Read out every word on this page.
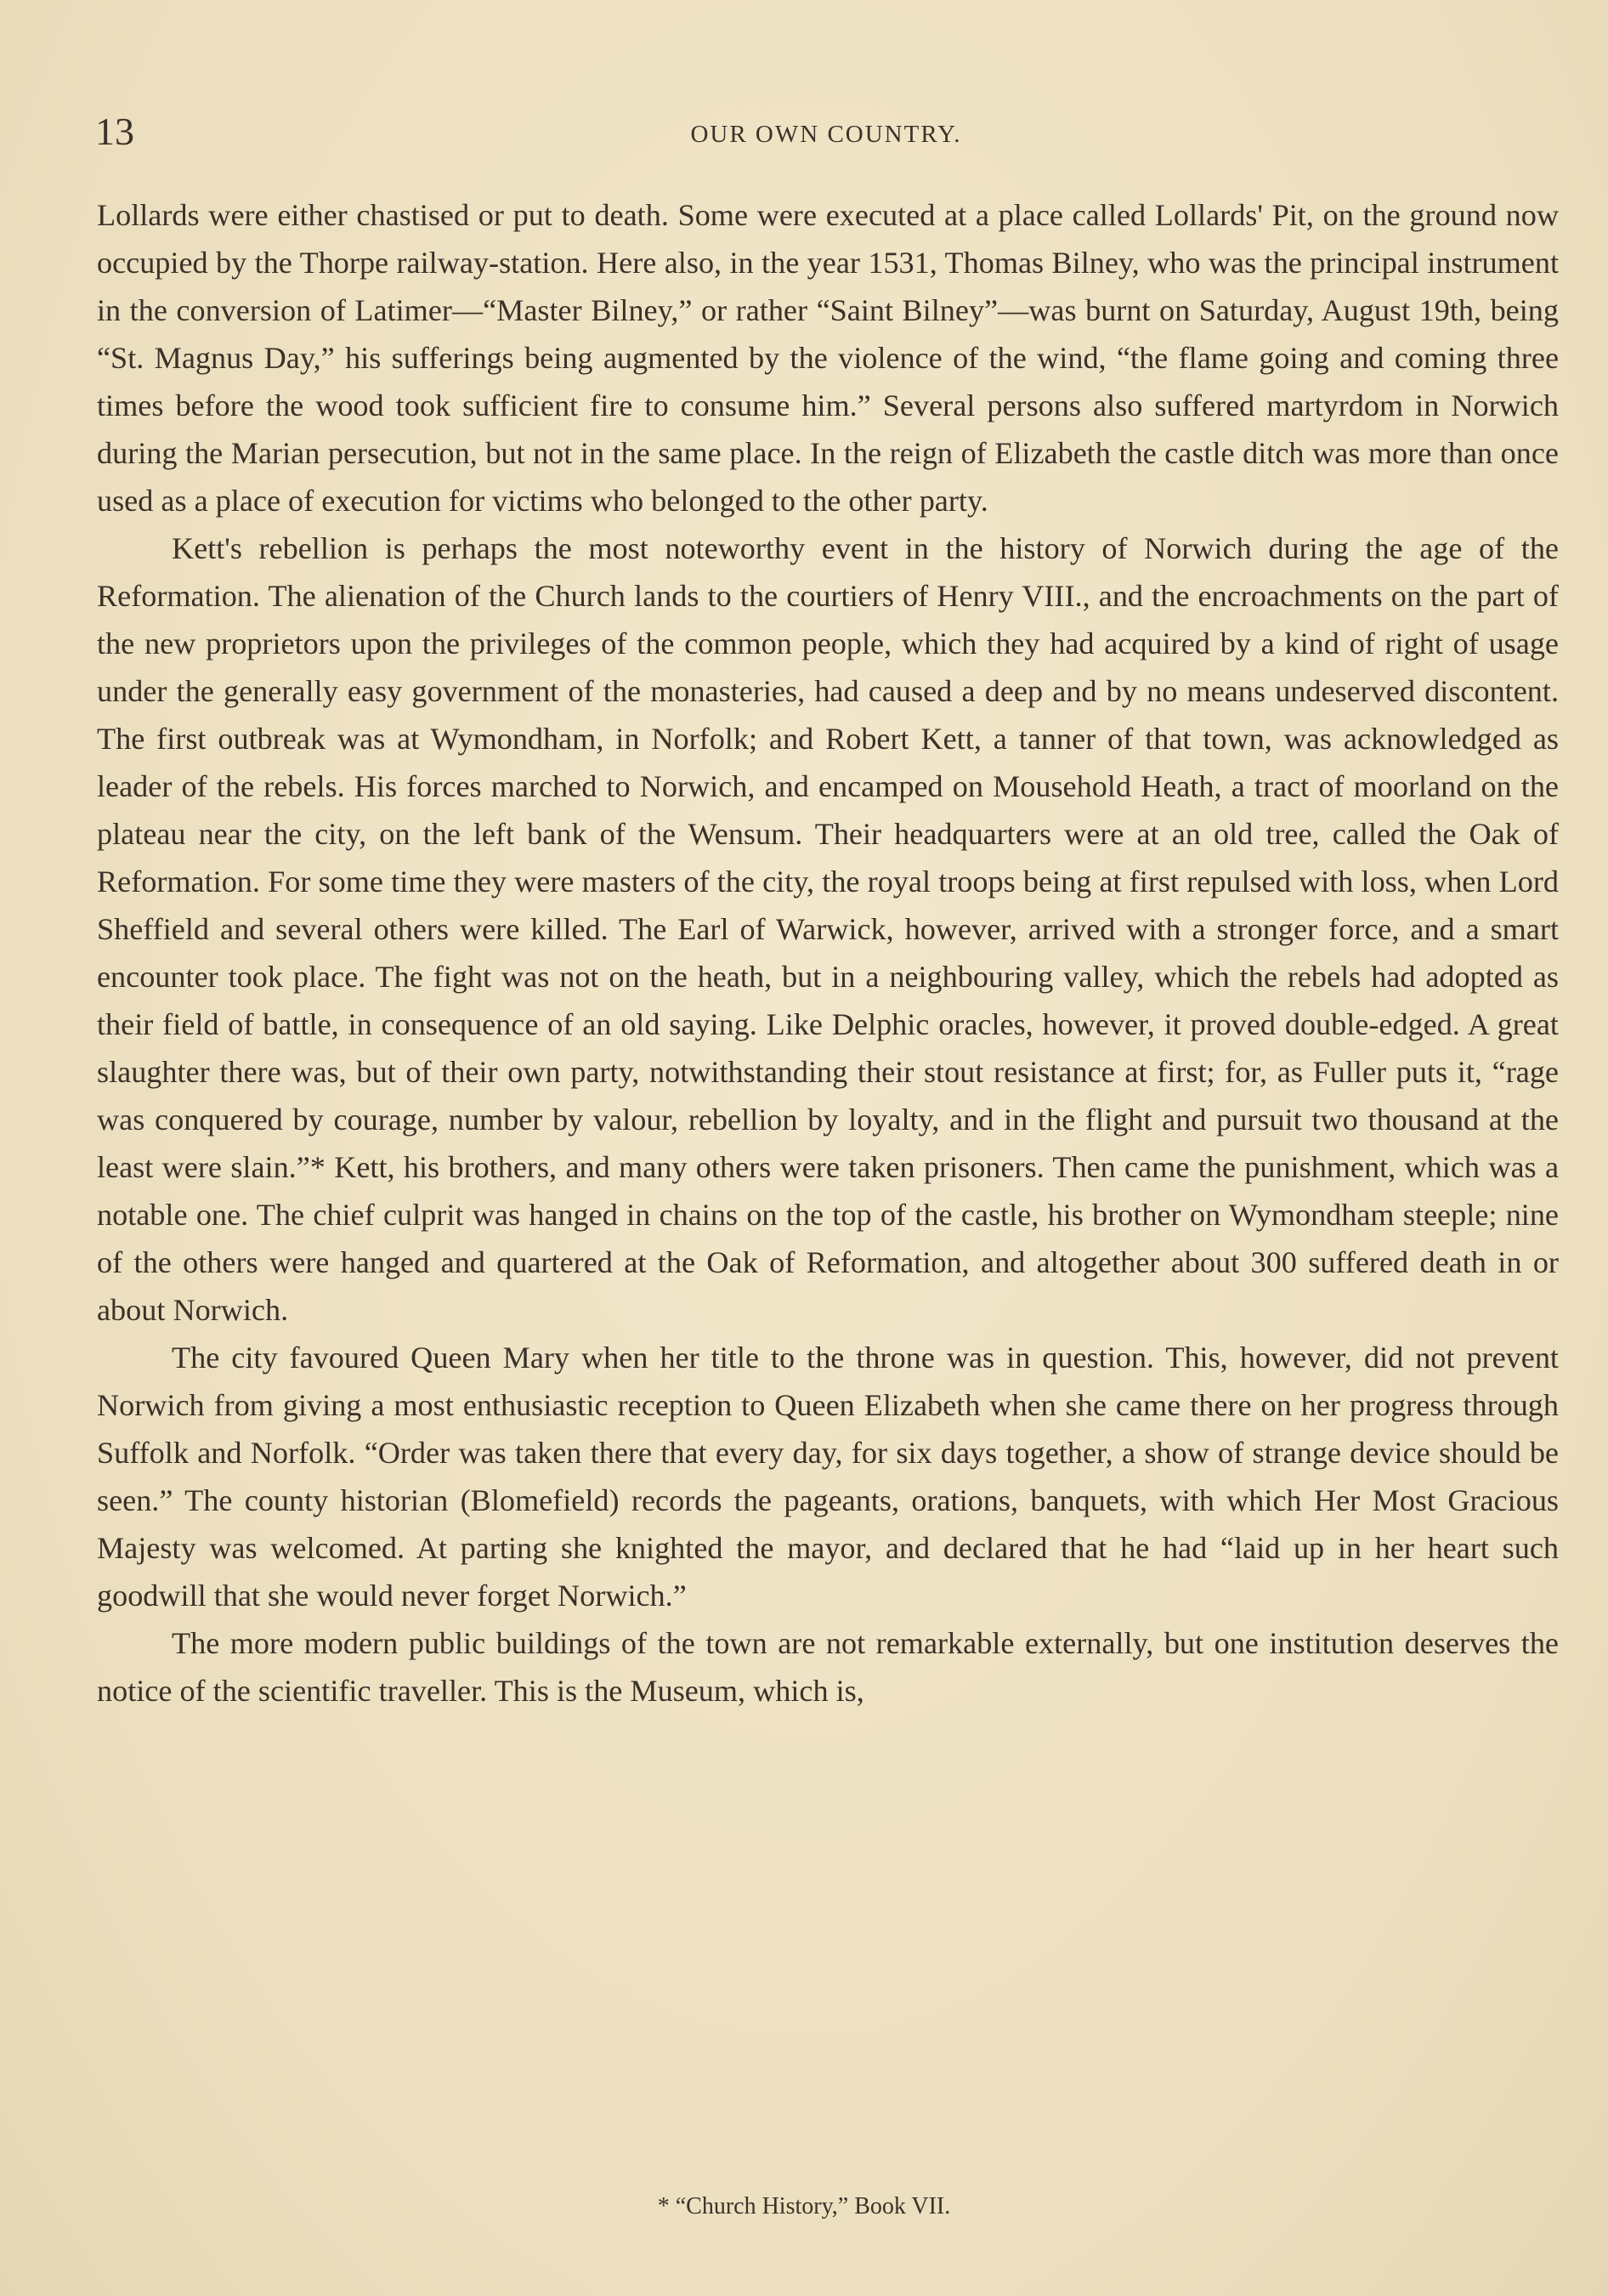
13	OUR OWN COUNTRY.

Lollards were either chastised or put to death. Some were executed at a place called Lollards' Pit, on the ground now occupied by the Thorpe railway-station. Here also, in the year 1531, Thomas Bilney, who was the principal instrument in the conversion of Latimer—“Master Bilney,” or rather “Saint Bilney”—was burnt on Saturday, August 19th, being “St. Magnus Day,” his sufferings being augmented by the violence of the wind, “the flame going and coming three times before the wood took sufficient fire to consume him.” Several persons also suffered martyrdom in Norwich during the Marian persecution, but not in the same place. In the reign of Elizabeth the castle ditch was more than once used as a place of execution for victims who belonged to the other party.

Kett's rebellion is perhaps the most noteworthy event in the history of Norwich during the age of the Reformation. The alienation of the Church lands to the courtiers of Henry VIII., and the encroachments on the part of the new proprietors upon the privileges of the common people, which they had acquired by a kind of right of usage under the generally easy government of the monasteries, had caused a deep and by no means undeserved discontent. The first outbreak was at Wymondham, in Norfolk; and Robert Kett, a tanner of that town, was acknowledged as leader of the rebels. His forces marched to Norwich, and encamped on Mousehold Heath, a tract of moorland on the plateau near the city, on the left bank of the Wensum. Their headquarters were at an old tree, called the Oak of Reformation. For some time they were masters of the city, the royal troops being at first repulsed with loss, when Lord Sheffield and several others were killed. The Earl of Warwick, however, arrived with a stronger force, and a smart encounter took place. The fight was not on the heath, but in a neighbouring valley, which the rebels had adopted as their field of battle, in consequence of an old saying. Like Delphic oracles, however, it proved double-edged. A great slaughter there was, but of their own party, notwithstanding their stout resistance at first; for, as Fuller puts it, “rage was conquered by courage, number by valour, rebellion by loyalty, and in the flight and pursuit two thousand at the least were slain.”* Kett, his brothers, and many others were taken prisoners. Then came the punishment, which was a notable one. The chief culprit was hanged in chains on the top of the castle, his brother on Wymondham steeple; nine of the others were hanged and quartered at the Oak of Reformation, and altogether about 300 suffered death in or about Norwich.

The city favoured Queen Mary when her title to the throne was in question. This, however, did not prevent Norwich from giving a most enthusiastic reception to Queen Elizabeth when she came there on her progress through Suffolk and Norfolk. “Order was taken there that every day, for six days together, a show of strange device should be seen.” The county historian (Blomefield) records the pageants, orations, banquets, with which Her Most Gracious Majesty was welcomed. At parting she knighted the mayor, and declared that he had “laid up in her heart such goodwill that she would never forget Norwich.”

The more modern public buildings of the town are not remarkable externally, but one institution deserves the notice of the scientific traveller. This is the Museum, which is,

* “Church History,” Book VII.
